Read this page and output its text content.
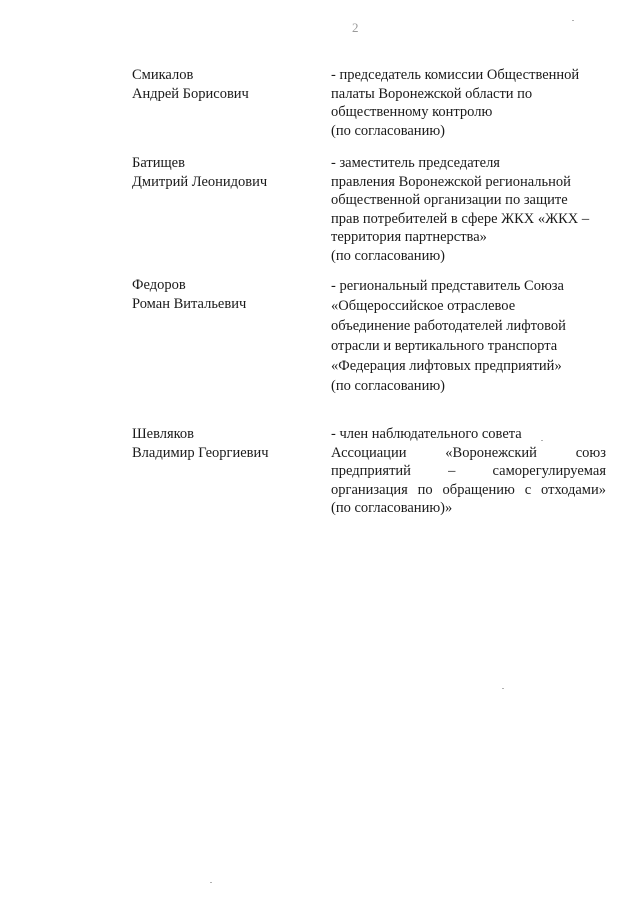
2
Смикалов
Андрей Борисович
- председатель комиссии Общественной
палаты Воронежской области по
общественному контролю
(по согласованию)
Батищев
Дмитрий Леонидович
- заместитель председателя
правления Воронежской региональной
общественной организации по защите
прав потребителей в сфере ЖКХ «ЖКХ –
территория партнерства»
(по согласованию)
Федоров
Роман Витальевич
- региональный представитель Союза
«Общероссийское отраслевое
объединение работодателей лифтовой
отрасли и вертикального транспорта
«Федерация лифтовых предприятий»
(по согласованию)
Шевляков
Владимир Георгиевич
- член наблюдательного совета
Ассоциации «Воронежский союз
предприятий – саморегулируемая
организация по обращению с отходами»
(по согласованию)»
